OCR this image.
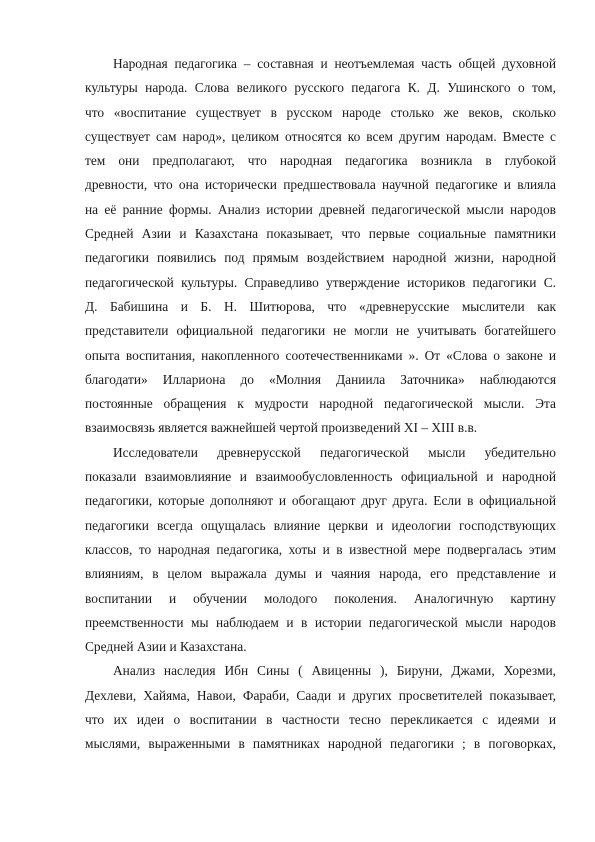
Народная педагогика – составная и неотъемлемая часть общей духовной
культуры народа. Слова великого русского педагога К. Д. Ушинского о том,
что «воспитание существует в русском народе столько же веков, сколько
существует сам народ», целиком относятся ко всем другим народам. Вместе с
тем они предполагают, что народная педагогика возникла в глубокой
древности, что она исторически предшествовала научной педагогике и влияла
на её ранние формы. Анализ истории древней педагогической мысли народов
Средней Азии и Казахстана показывает, что первые социальные памятники
педагогики появились под прямым воздействием народной жизни, народной
педагогической культуры. Справедливо утверждение историков педагогики С.
Д. Бабишина и Б. Н. Шитюрова, что «древнерусские мыслители как
представители официальной педагогики не могли не учитывать богатейшего
опыта воспитания, накопленного соотечественниками ». От «Слова о законе и
благодати» Иллариона до «Молния Даниила Заточника» наблюдаются
постоянные обращения к мудрости народной педагогической мысли. Эта
взаимосвязь является важнейшей чертой произведений XI – XIII в.в.

Исследователи древнерусской педагогической мысли убедительно
показали взаимовлияние и взаимообусловленность официальной и народной
педагогики, которые дополняют и обогащают друг друга. Если в официальной
педагогики всегда ощущалась влияние церкви и идеологии господствующих
классов, то народная педагогика, хоты и в известной мере подвергалась этим
влияниям, в целом выражала думы и чаяния народа, его представление и
воспитании и обучении молодого поколения. Аналогичную картину
преемственности мы наблюдаем и в истории педагогической мысли народов
Средней Азии и Казахстана.

Анализ наследия Ибн Сины ( Авиценны ), Бируни, Джами, Хорезми,
Дехлеви, Хайяма, Навои, Фараби, Саади и других просветителей показывает,
что их идеи о воспитании в частности тесно перекликается с идеями и
мыслями, выраженными в памятниках народной педагогики ; в поговорках,
